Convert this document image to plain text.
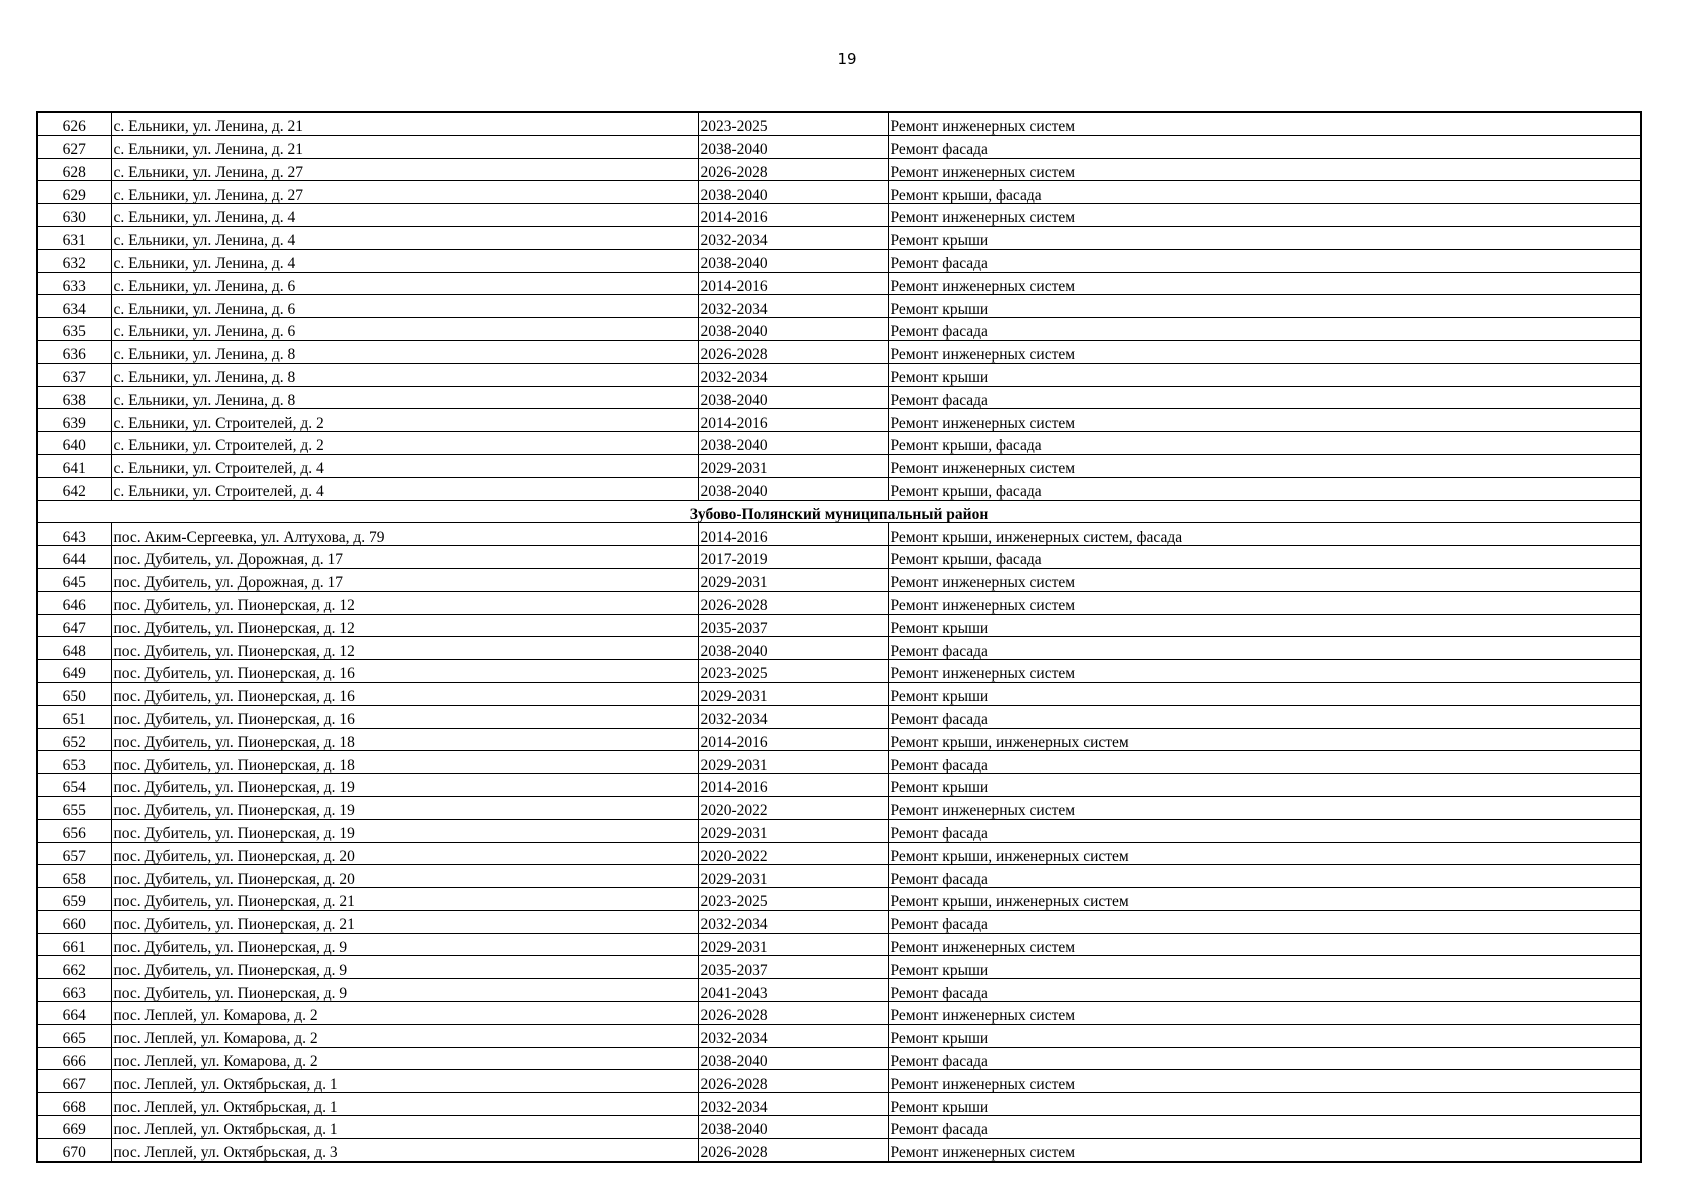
19
626	с. Ельники, ул. Ленина, д. 21	2023-2025	Ремонт инженерных систем
627	с. Ельники, ул. Ленина, д. 21	2038-2040	Ремонт фасада
628	с. Ельники, ул. Ленина, д. 27	2026-2028	Ремонт инженерных систем
629	с. Ельники, ул. Ленина, д. 27	2038-2040	Ремонт крыши, фасада
630	с. Ельники, ул. Ленина, д. 4	2014-2016	Ремонт инженерных систем
631	с. Ельники, ул. Ленина, д. 4	2032-2034	Ремонт крыши
632	с. Ельники, ул. Ленина, д. 4	2038-2040	Ремонт фасада
633	с. Ельники, ул. Ленина, д. 6	2014-2016	Ремонт инженерных систем
634	с. Ельники, ул. Ленина, д. 6	2032-2034	Ремонт крыши
635	с. Ельники, ул. Ленина, д. 6	2038-2040	Ремонт фасада
636	с. Ельники, ул. Ленина, д. 8	2026-2028	Ремонт инженерных систем
637	с. Ельники, ул. Ленина, д. 8	2032-2034	Ремонт крыши
638	с. Ельники, ул. Ленина, д. 8	2038-2040	Ремонт фасада
639	с. Ельники, ул. Строителей, д. 2	2014-2016	Ремонт инженерных систем
640	с. Ельники, ул. Строителей, д. 2	2038-2040	Ремонт крыши, фасада
641	с. Ельники, ул. Строителей, д. 4	2029-2031	Ремонт инженерных систем
642	с. Ельники, ул. Строителей, д. 4	2038-2040	Ремонт крыши, фасада
Зубово-Полянский муниципальный район			
643	пос. Аким-Сергеевка, ул. Алтухова, д. 79	2014-2016	Ремонт крыши, инженерных систем, фасада
644	пос. Дубитель, ул. Дорожная, д. 17	2017-2019	Ремонт крыши, фасада
645	пос. Дубитель, ул. Дорожная, д. 17	2029-2031	Ремонт инженерных систем
646	пос. Дубитель, ул. Пионерская, д. 12	2026-2028	Ремонт инженерных систем
647	пос. Дубитель, ул. Пионерская, д. 12	2035-2037	Ремонт крыши
648	пос. Дубитель, ул. Пионерская, д. 12	2038-2040	Ремонт фасада
649	пос. Дубитель, ул. Пионерская, д. 16	2023-2025	Ремонт инженерных систем
650	пос. Дубитель, ул. Пионерская, д. 16	2029-2031	Ремонт крыши
651	пос. Дубитель, ул. Пионерская, д. 16	2032-2034	Ремонт фасада
652	пос. Дубитель, ул. Пионерская, д. 18	2014-2016	Ремонт крыши, инженерных систем
653	пос. Дубитель, ул. Пионерская, д. 18	2029-2031	Ремонт фасада
654	пос. Дубитель, ул. Пионерская, д. 19	2014-2016	Ремонт крыши
655	пос. Дубитель, ул. Пионерская, д. 19	2020-2022	Ремонт инженерных систем
656	пос. Дубитель, ул. Пионерская, д. 19	2029-2031	Ремонт фасада
657	пос. Дубитель, ул. Пионерская, д. 20	2020-2022	Ремонт крыши, инженерных систем
658	пос. Дубитель, ул. Пионерская, д. 20	2029-2031	Ремонт фасада
659	пос. Дубитель, ул. Пионерская, д. 21	2023-2025	Ремонт крыши, инженерных систем
660	пос. Дубитель, ул. Пионерская, д. 21	2032-2034	Ремонт фасада
661	пос. Дубитель, ул. Пионерская, д. 9	2029-2031	Ремонт инженерных систем
662	пос. Дубитель, ул. Пионерская, д. 9	2035-2037	Ремонт крыши
663	пос. Дубитель, ул. Пионерская, д. 9	2041-2043	Ремонт фасада
664	пос. Леплей, ул. Комарова, д. 2	2026-2028	Ремонт инженерных систем
665	пос. Леплей, ул. Комарова, д. 2	2032-2034	Ремонт крыши
666	пос. Леплей, ул. Комарова, д. 2	2038-2040	Ремонт фасада
667	пос. Леплей, ул. Октябрьская, д. 1	2026-2028	Ремонт инженерных систем
668	пос. Леплей, ул. Октябрьская, д. 1	2032-2034	Ремонт крыши
669	пос. Леплей, ул. Октябрьская, д. 1	2038-2040	Ремонт фасада
670	пос. Леплей, ул. Октябрьская, д. 3	2026-2028	Ремонт инженерных систем
